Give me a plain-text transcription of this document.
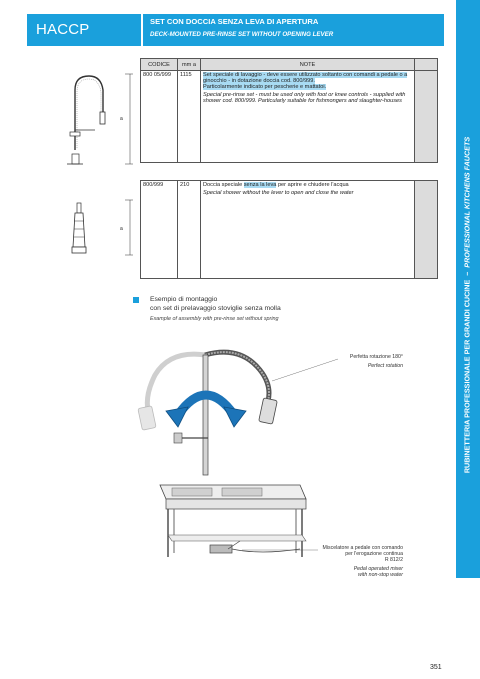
HACCP	SET CON DOCCIA SENZA LEVA DI APERTURA
DECK-MOUNTED PRE-RINSE SET WITHOUT OPENING LEVER
RUBINETTERIA PROFESSIONALE PER GRANDI CUCINE–PROFESSIONAL KITCHENS FAUCETS
a
CODICE	mm a	NOTE	
800 05/999	1115	Set speciale di lavaggio - deve essere utilizzato soltanto con comandi a pedale o a ginocchio - in dotazione doccia cod. 800/999.
Particolarmente indicato per pescherie e mattatoi.
Special pre-rinse set - must be used only with foot or knee controls - supplied with shower cod. 800/999. Particularly suitable for fishmongers and slaughter-houses	

a
800/999	210	Doccia speciale senza la leva per aprire e chiudere l'acqua
Special shower without the lever to open and close the water

Esempio di montaggio
con set di prelavaggio stoviglie senza molla
Example of assembly with pre-rinse set without spring
Perfetta rotazione 180°
Perfect rotation
Miscelatore a pedale con comando
per l'erogazione continua
R 812/2
Pedal operated mixer
with non-stop water
351
